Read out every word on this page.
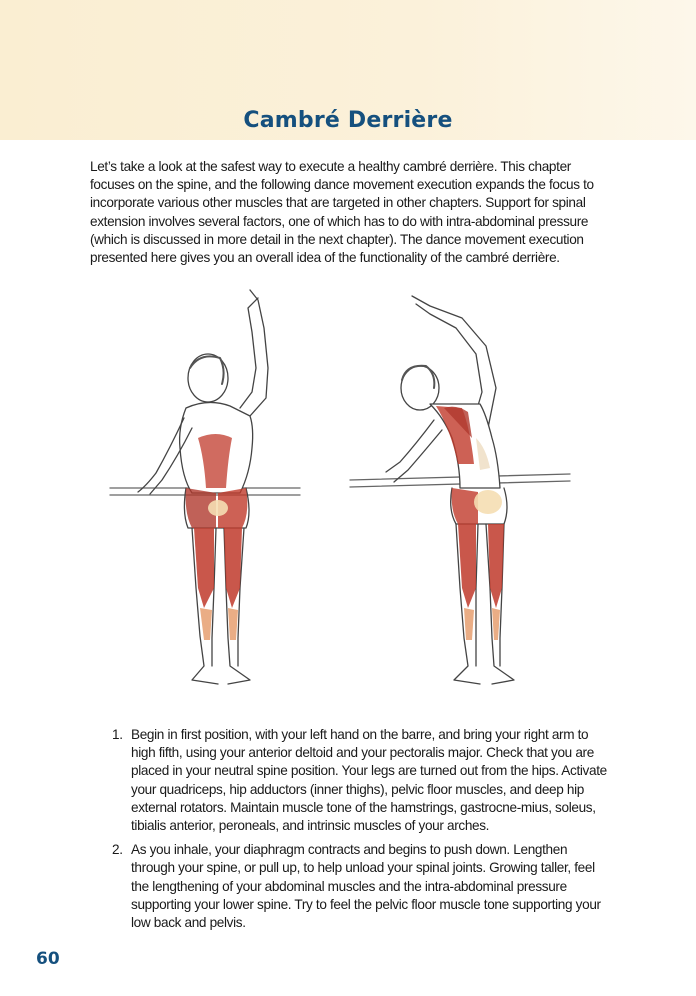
Cambré Derrière

Let’s take a look at the safest way to execute a healthy cambré derrière. This chapter focuses on the spine, and the following dance movement execution expands the focus to incorporate various other muscles that are targeted in other chapters. Support for spinal extension involves several factors, one of which has to do with intra-abdominal pressure (which is discussed in more detail in the next chapter). The dance movement execution presented here gives you an overall idea of the functionality of the cambré derrière.

1. Begin in first position, with your left hand on the barre, and bring your right arm to high fifth, using your anterior deltoid and your pectoralis major. Check that you are placed in your neutral spine position. Your legs are turned out from the hips. Activate your quadriceps, hip adductors (inner thighs), pelvic floor muscles, and deep hip external rotators. Maintain muscle tone of the hamstrings, gastrocne-mius, soleus, tibialis anterior, peroneals, and intrinsic muscles of your arches.
2. As you inhale, your diaphragm contracts and begins to push down. Lengthen through your spine, or pull up, to help unload your spinal joints. Growing taller, feel the lengthening of your abdominal muscles and the intra-abdominal pressure supporting your lower spine. Try to feel the pelvic floor muscle tone supporting your low back and pelvis.
60
